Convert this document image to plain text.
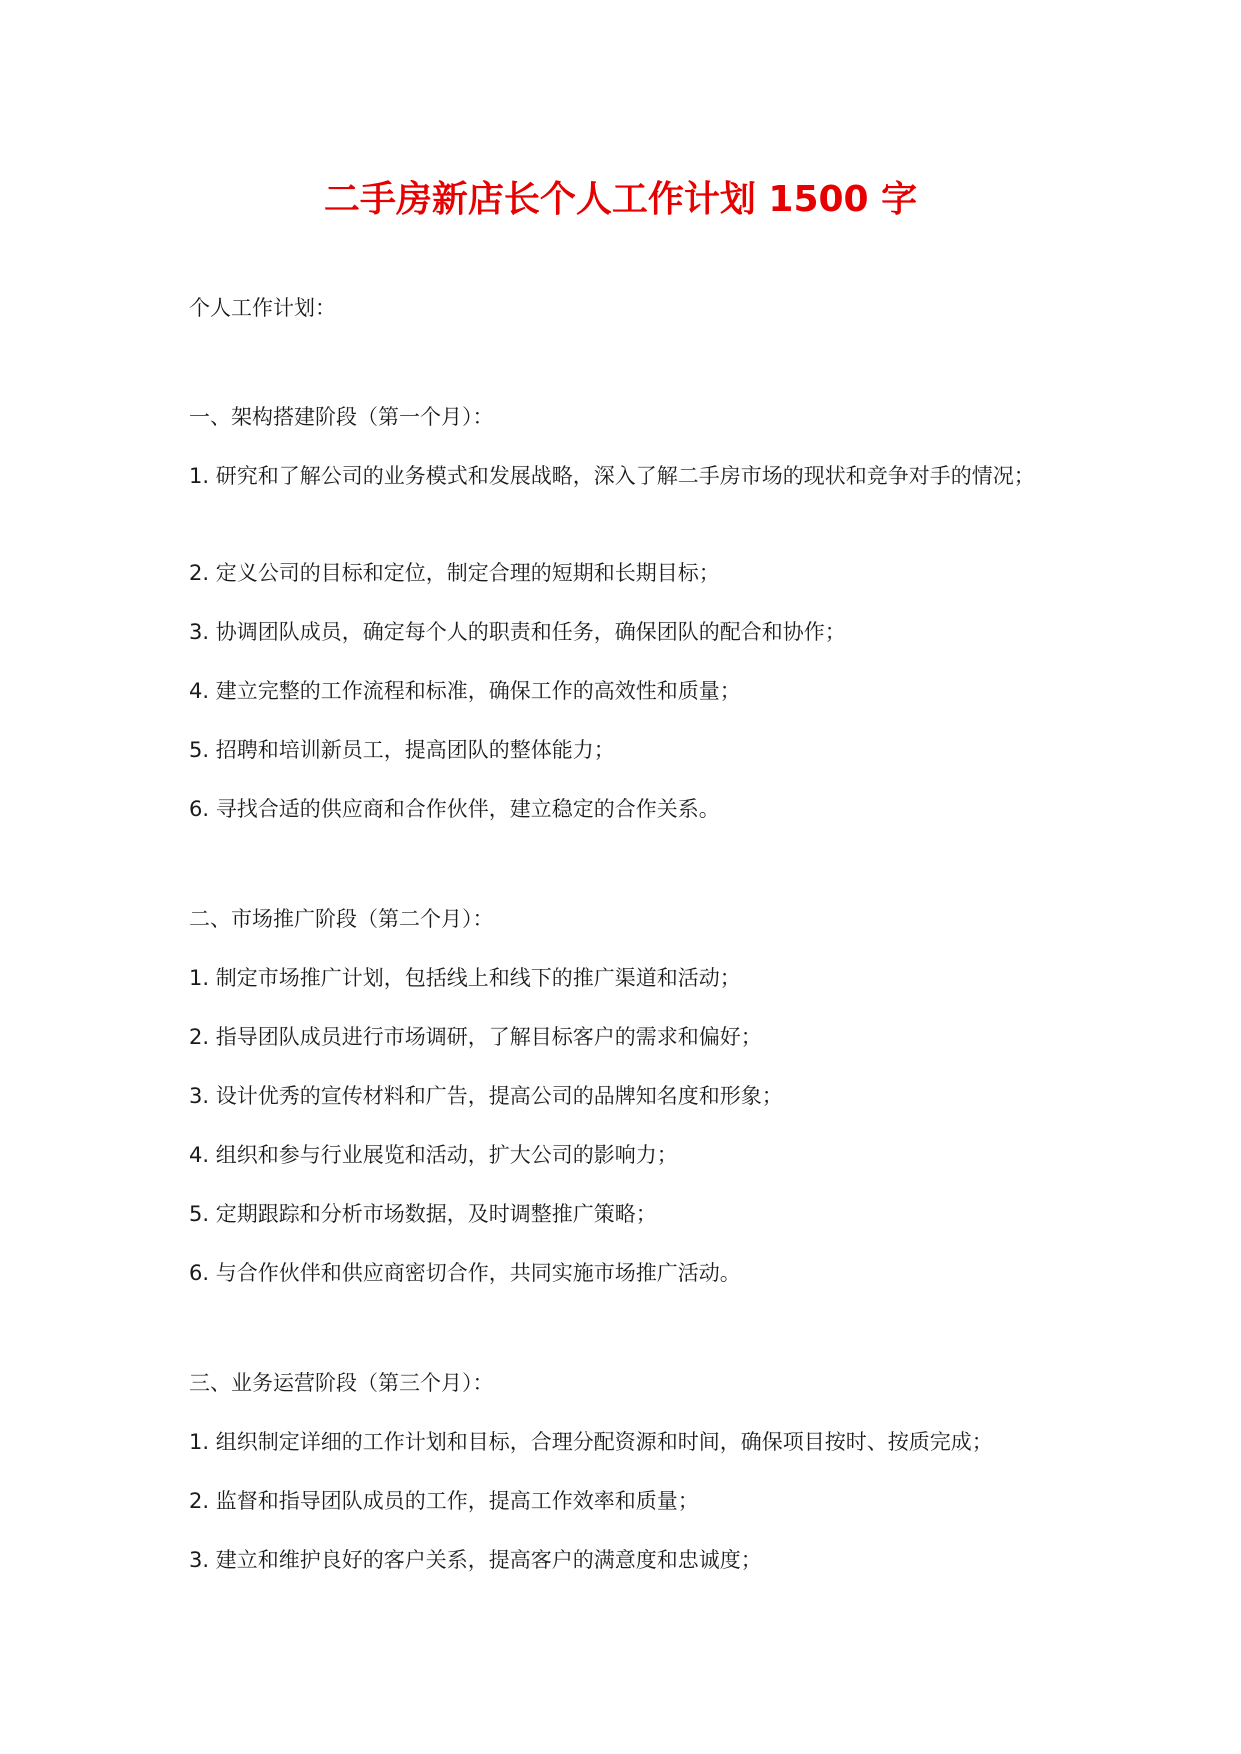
二手房新店长个人工作计划 1500 字

个人工作计划：

一、架构搭建阶段（第一个月）：

1. 研究和了解公司的业务模式和发展战略，深入了解二手房市场的现状和竞争对手的情况；

2. 定义公司的目标和定位，制定合理的短期和长期目标；

3. 协调团队成员，确定每个人的职责和任务，确保团队的配合和协作；

4. 建立完整的工作流程和标准，确保工作的高效性和质量；

5. 招聘和培训新员工，提高团队的整体能力；

6. 寻找合适的供应商和合作伙伴，建立稳定的合作关系。

二、市场推广阶段（第二个月）：

1. 制定市场推广计划，包括线上和线下的推广渠道和活动；

2. 指导团队成员进行市场调研，了解目标客户的需求和偏好；

3. 设计优秀的宣传材料和广告，提高公司的品牌知名度和形象；

4. 组织和参与行业展览和活动，扩大公司的影响力；

5. 定期跟踪和分析市场数据，及时调整推广策略；

6. 与合作伙伴和供应商密切合作，共同实施市场推广活动。

三、业务运营阶段（第三个月）：

1. 组织制定详细的工作计划和目标，合理分配资源和时间，确保项目按时、按质完成；

2. 监督和指导团队成员的工作，提高工作效率和质量；

3. 建立和维护良好的客户关系，提高客户的满意度和忠诚度；
